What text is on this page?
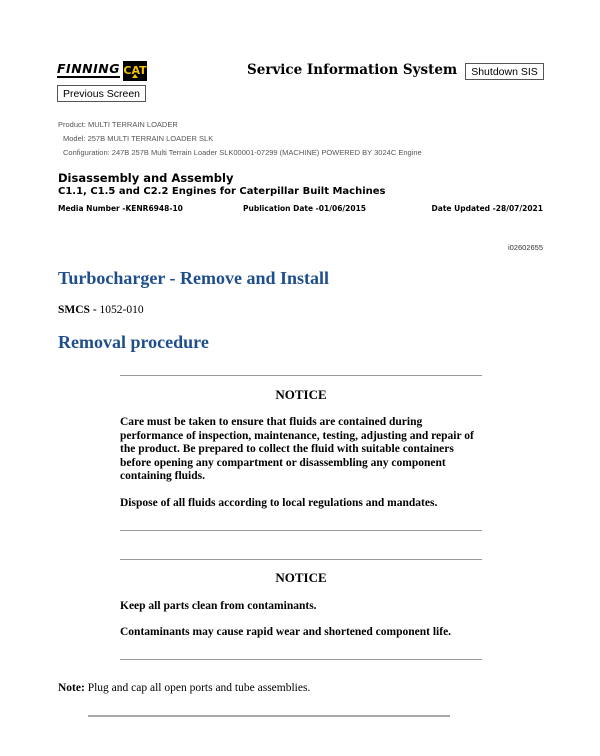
FINNING CAT	Service Information System	Shutdown SIS
Previous Screen
Product: MULTI TERRAIN LOADER
Model: 257B MULTI TERRAIN LOADER SLK
Configuration: 247B 257B Multi Terrain Loader SLK00001-07299 (MACHINE) POWERED BY 3024C Engine
Disassembly and Assembly
C1.1, C1.5 and C2.2 Engines for Caterpillar Built Machines
Media Number -KENR6948-10	Publication Date -01/06/2015	Date Updated -28/07/2021
i02602655
Turbocharger - Remove and Install
SMCS - 1052-010
Removal procedure
NOTICE
Care must be taken to ensure that fluids are contained during performance of inspection, maintenance, testing, adjusting and repair of the product. Be prepared to collect the fluid with suitable containers before opening any compartment or disassembling any component containing fluids.
Dispose of all fluids according to local regulations and mandates.
NOTICE
Keep all parts clean from contaminants.
Contaminants may cause rapid wear and shortened component life.
Note: Plug and cap all open ports and tube assemblies.
